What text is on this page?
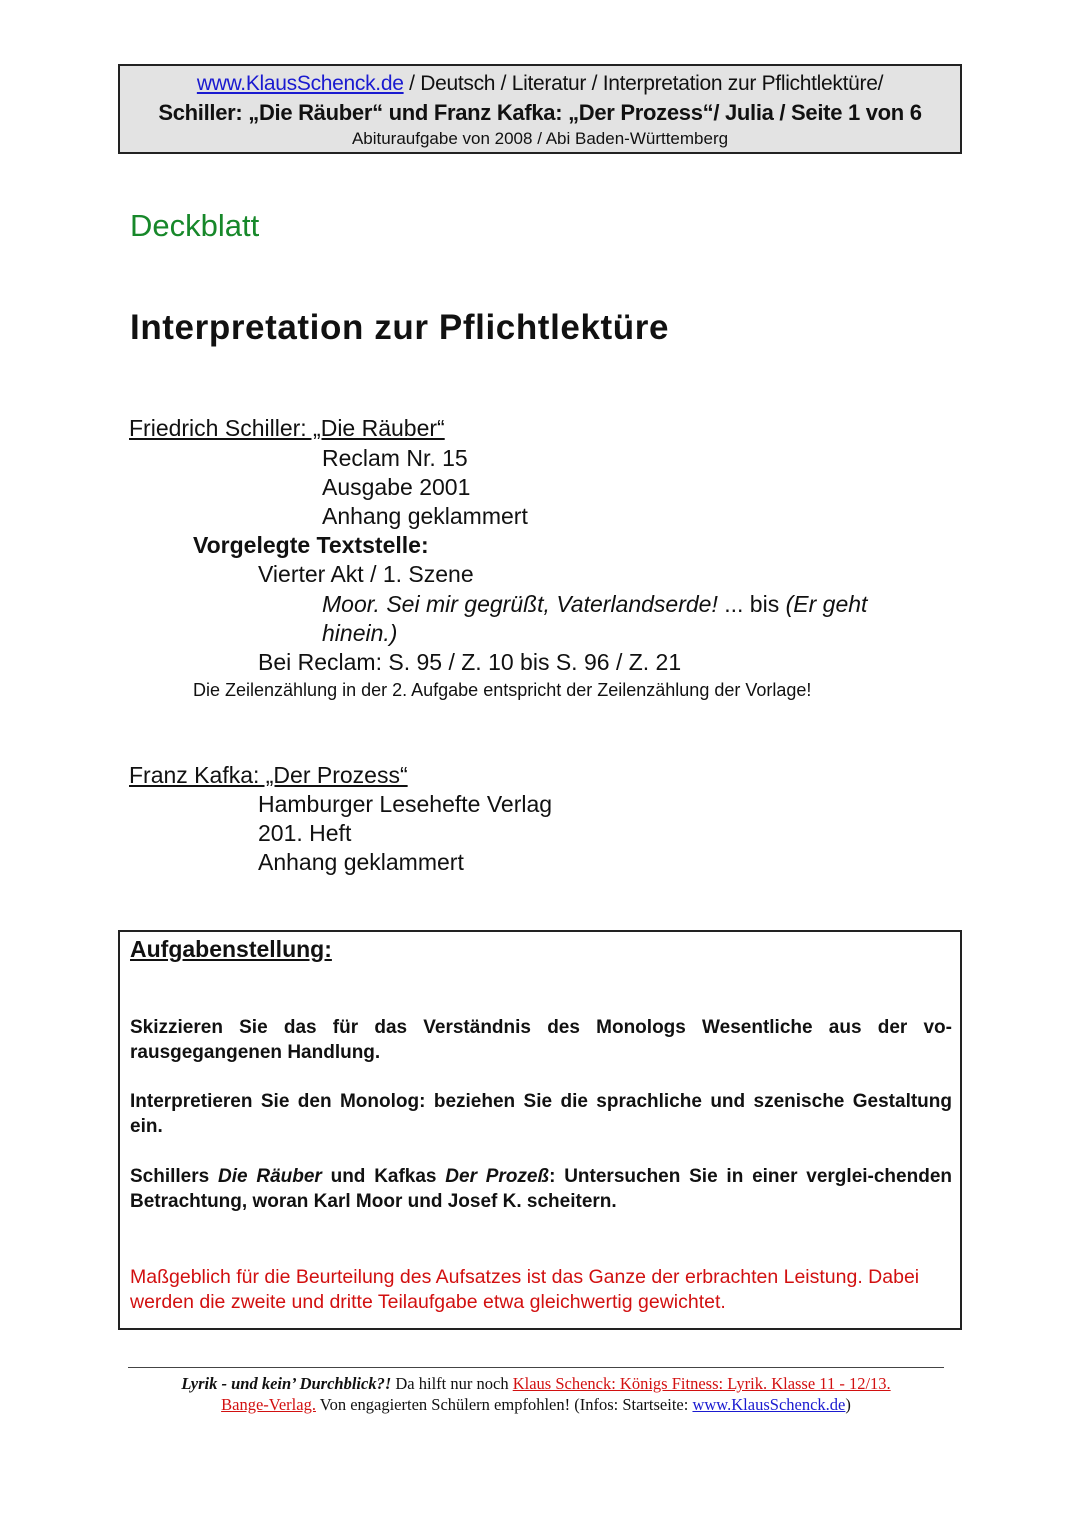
www.KlausSchenck.de / Deutsch / Literatur / Interpretation zur Pflichtlektüre/
Schiller: „Die Räuber“ und Franz Kafka: „Der Prozess“/ Julia / Seite 1 von 6
Abituraufgabe von 2008 / Abi Baden-Württemberg
Deckblatt
Interpretation zur Pflichtlektüre
Friedrich Schiller: „Die Räuber“
Reclam Nr. 15
Ausgabe 2001
Anhang geklammert
Vorgelegte Textstelle:
Vierter Akt / 1. Szene
Moor. Sei mir gegrüßt, Vaterlandserde! ... bis (Er geht
hinein.)
Bei Reclam: S. 95 / Z. 10 bis S. 96 / Z. 21
Die Zeilenzählung in der 2. Aufgabe entspricht der Zeilenzählung der Vorlage!
Franz Kafka: „Der Prozess“
Hamburger Lesehefte Verlag
201. Heft
Anhang geklammert
Aufgabenstellung:
Skizzieren Sie das für das Verständnis des Monologs Wesentliche aus der vo-rausgegangenen Handlung.
Interpretieren Sie den Monolog: beziehen Sie die sprachliche und szenische Gestaltung ein.
Schillers Die Räuber und Kafkas Der Prozeß: Untersuchen Sie in einer verglei-chenden Betrachtung, woran Karl Moor und Josef K. scheitern.
Maßgeblich für die Beurteilung des Aufsatzes ist das Ganze der erbrachten Leistung. Dabei werden die zweite und dritte Teilaufgabe etwa gleichwertig gewichtet.
Lyrik - und kein’ Durchblick?! Da hilft nur noch Klaus Schenck: Königs Fitness: Lyrik. Klasse 11 - 12/13.
Bange-Verlag. Von engagierten Schülern empfohlen! (Infos: Startseite: www.KlausSchenck.de)
